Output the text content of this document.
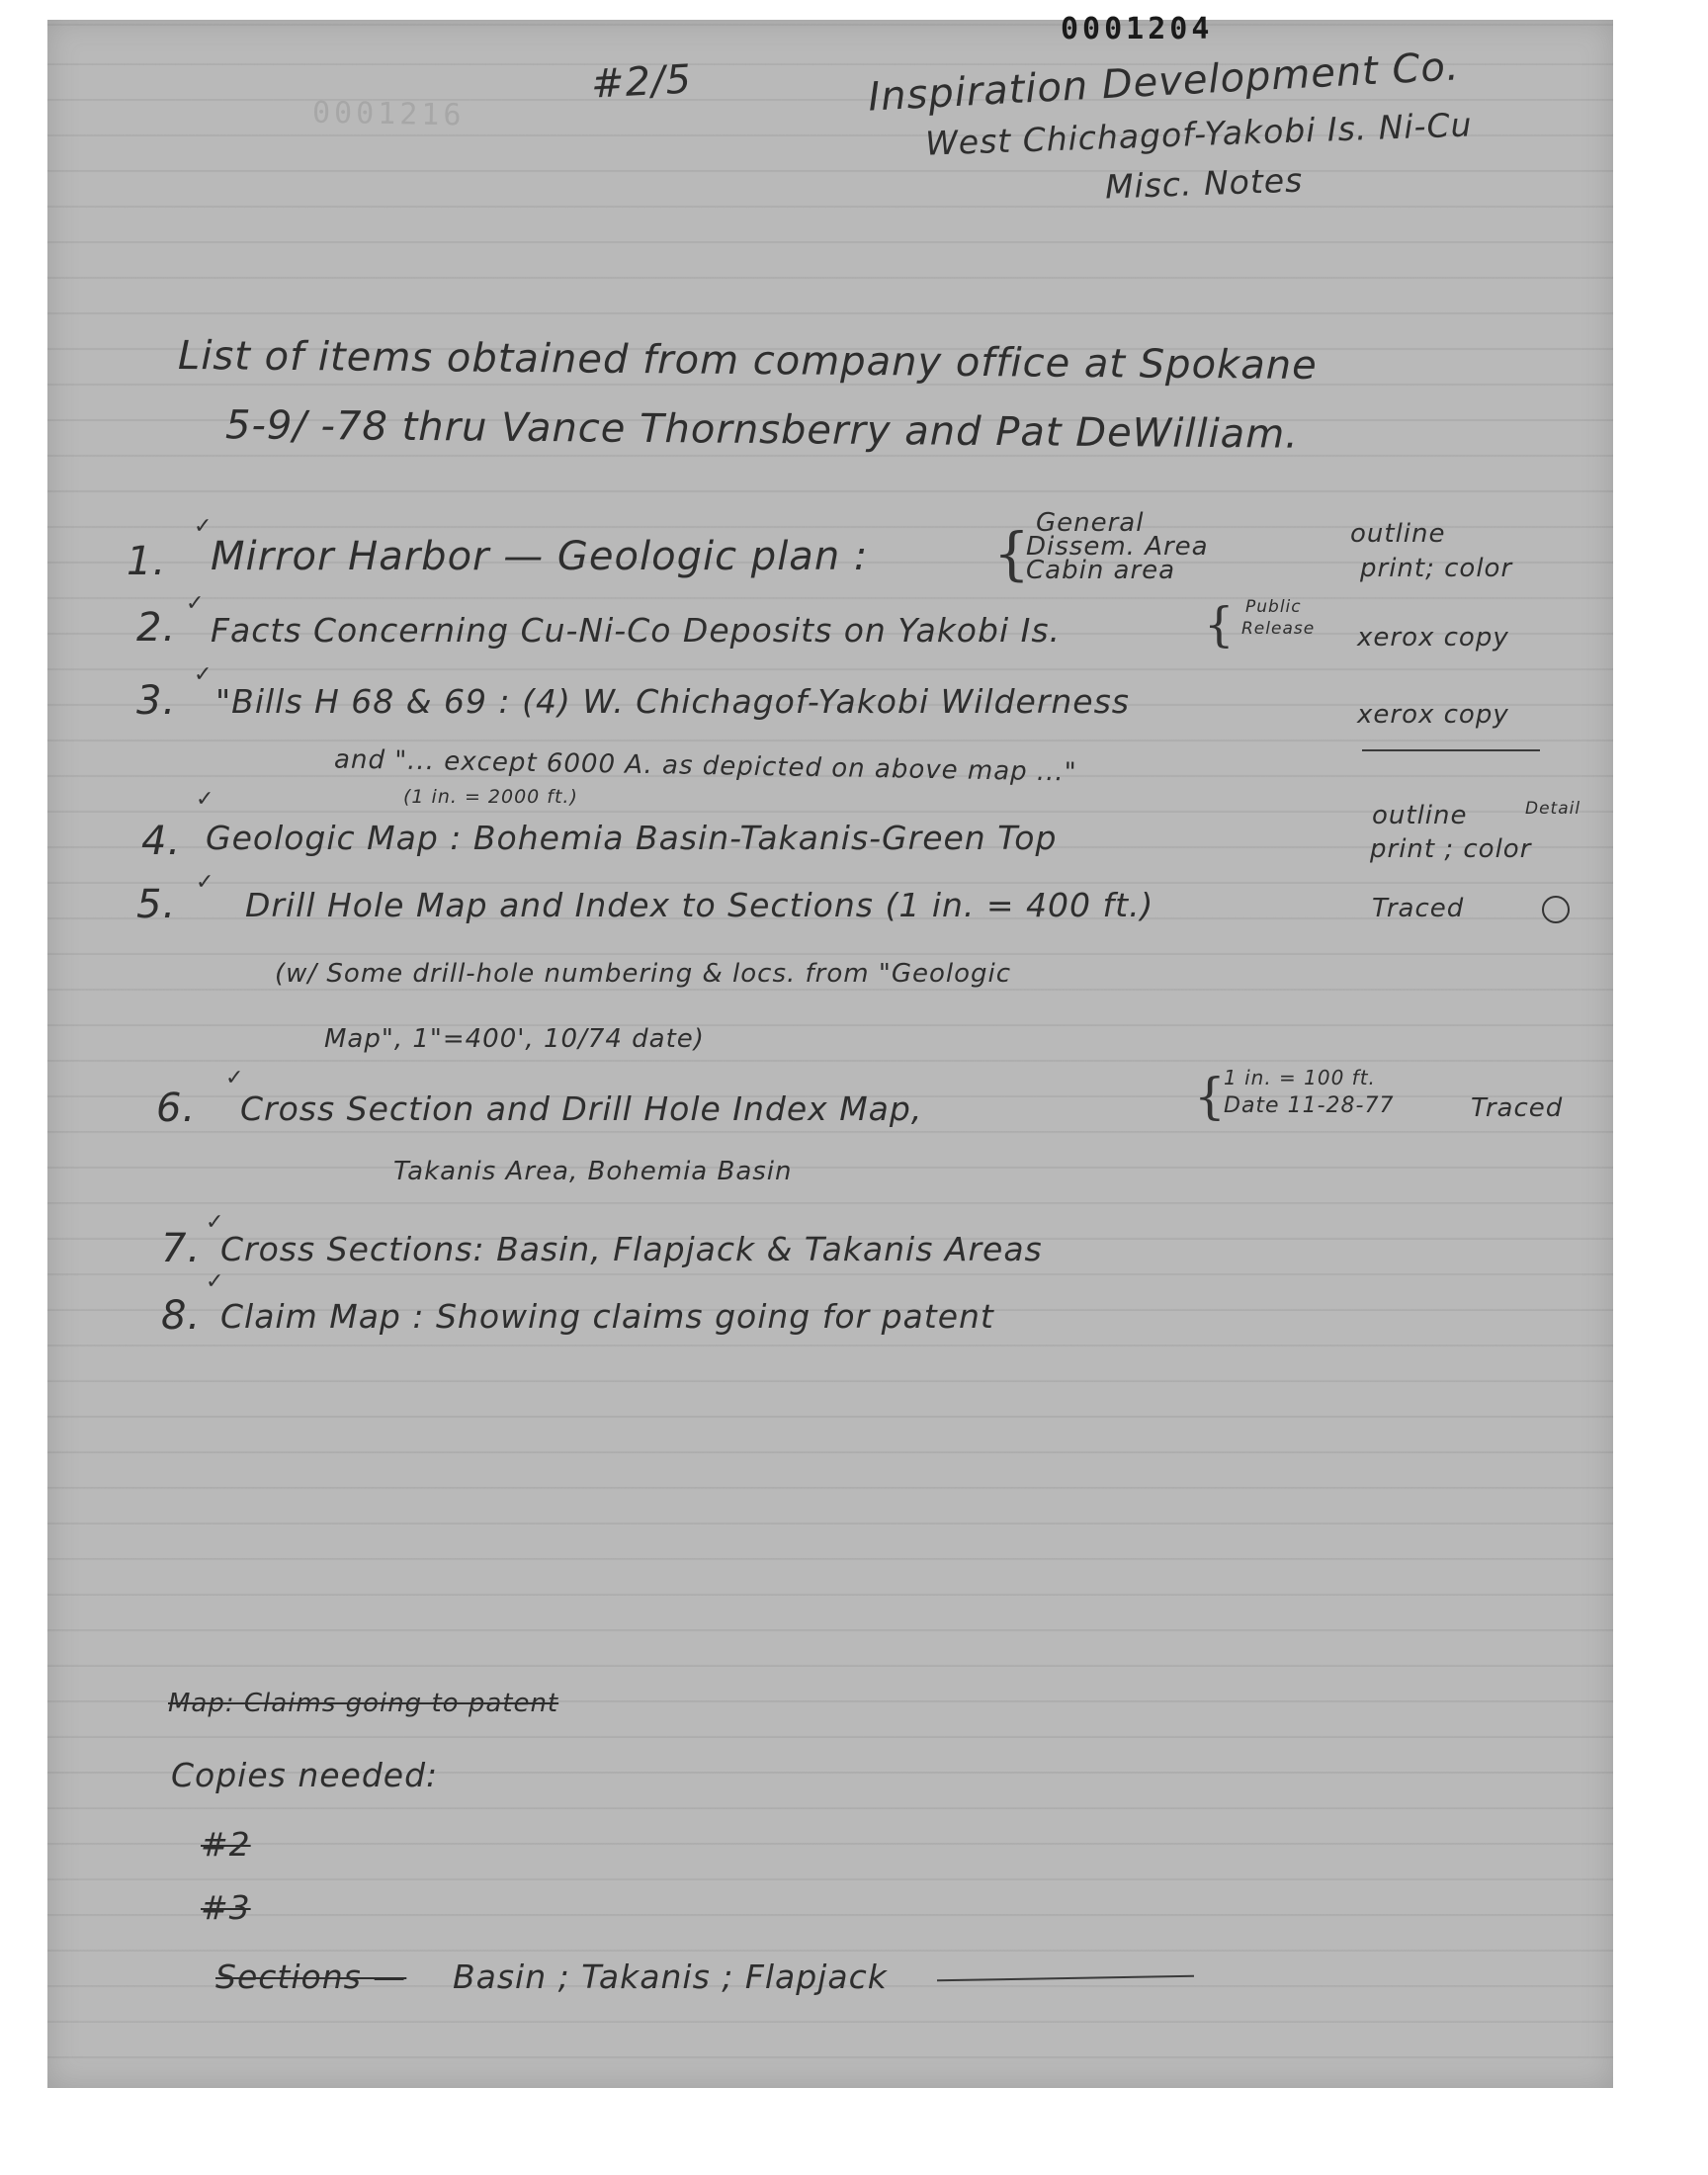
0001204
0001216
#2/5	Inspiration Development Co.
West Chichagof-Yakobi Is. Ni-Cu
Misc. Notes
List of items obtained from company office at Spokane
5-9/ -78 thru Vance Thornsberry and Pat DeWilliam.
✓
1. Mirror Harbor — Geologic plan : { General
Dissem. Area
Cabin area
outline
print; color
✓
2. Facts Concerning Cu-Ni-Co Deposits on Yakobi Is.	{ Public
Release xerox copy
✓
3. "Bills H 68 & 69 : (4) W. Chichagof-Yakobi Wilderness
and "... except 6000 A. as depicted on above map ..."
xerox copy
✓	(1 in. = 2000 ft.)
4. Geologic Map : Bohemia Basin-Takanis-Green Top
outline
print ; color
Detail
✓
5. Drill Hole Map and Index to Sections (1 in. = 400 ft.)
(w/ Some drill-hole numbering & locs. from "Geologic
Map", 1"=400', 10/74 date)
Traced
✓
6. Cross Section and Drill Hole Index Map,	{
1 in. = 100 ft.
Date 11-28-77
Takanis Area, Bohemia Basin
Traced
✓
7. Cross Sections: Basin, Flapjack & Takanis Areas
✓
8. Claim Map : Showing claims going for patent
Map: Claims going to patent
Copies needed:
#2
#3
Sections — Basin ; Takanis ; Flapjack
